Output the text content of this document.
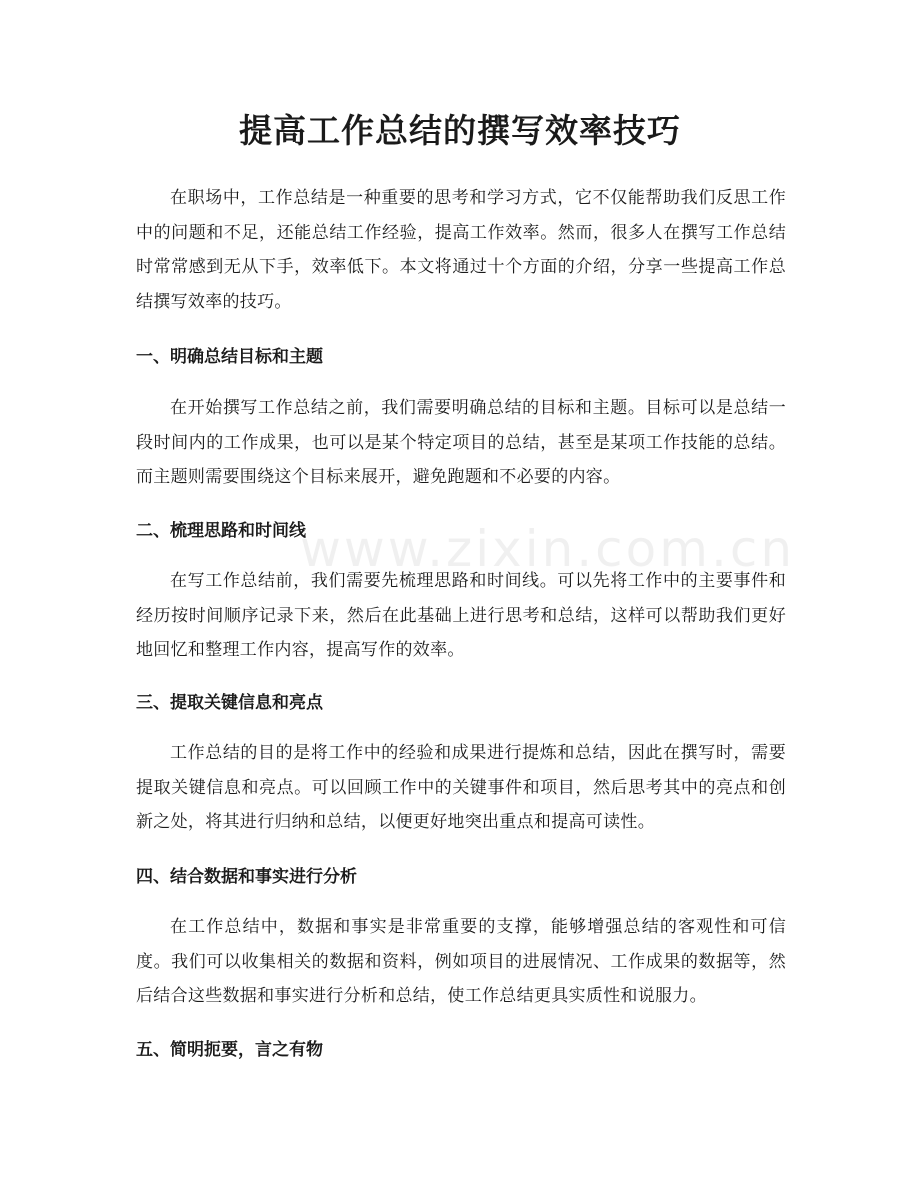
提高工作总结的撰写效率技巧

在职场中，工作总结是一种重要的思考和学习方式，它不仅能帮助我们反思工作中的问题和不足，还能总结工作经验，提高工作效率。然而，很多人在撰写工作总结时常常感到无从下手，效率低下。本文将通过十个方面的介绍，分享一些提高工作总结撰写效率的技巧。

一、明确总结目标和主题

在开始撰写工作总结之前，我们需要明确总结的目标和主题。目标可以是总结一段时间内的工作成果，也可以是某个特定项目的总结，甚至是某项工作技能的总结。而主题则需要围绕这个目标来展开，避免跑题和不必要的内容。

二、梳理思路和时间线

在写工作总结前，我们需要先梳理思路和时间线。可以先将工作中的主要事件和经历按时间顺序记录下来，然后在此基础上进行思考和总结，这样可以帮助我们更好地回忆和整理工作内容，提高写作的效率。

三、提取关键信息和亮点

工作总结的目的是将工作中的经验和成果进行提炼和总结，因此在撰写时，需要提取关键信息和亮点。可以回顾工作中的关键事件和项目，然后思考其中的亮点和创新之处，将其进行归纳和总结，以便更好地突出重点和提高可读性。

四、结合数据和事实进行分析

在工作总结中，数据和事实是非常重要的支撑，能够增强总结的客观性和可信度。我们可以收集相关的数据和资料，例如项目的进展情况、工作成果的数据等，然后结合这些数据和事实进行分析和总结，使工作总结更具实质性和说服力。

五、简明扼要，言之有物
www.zixin.com.cn
